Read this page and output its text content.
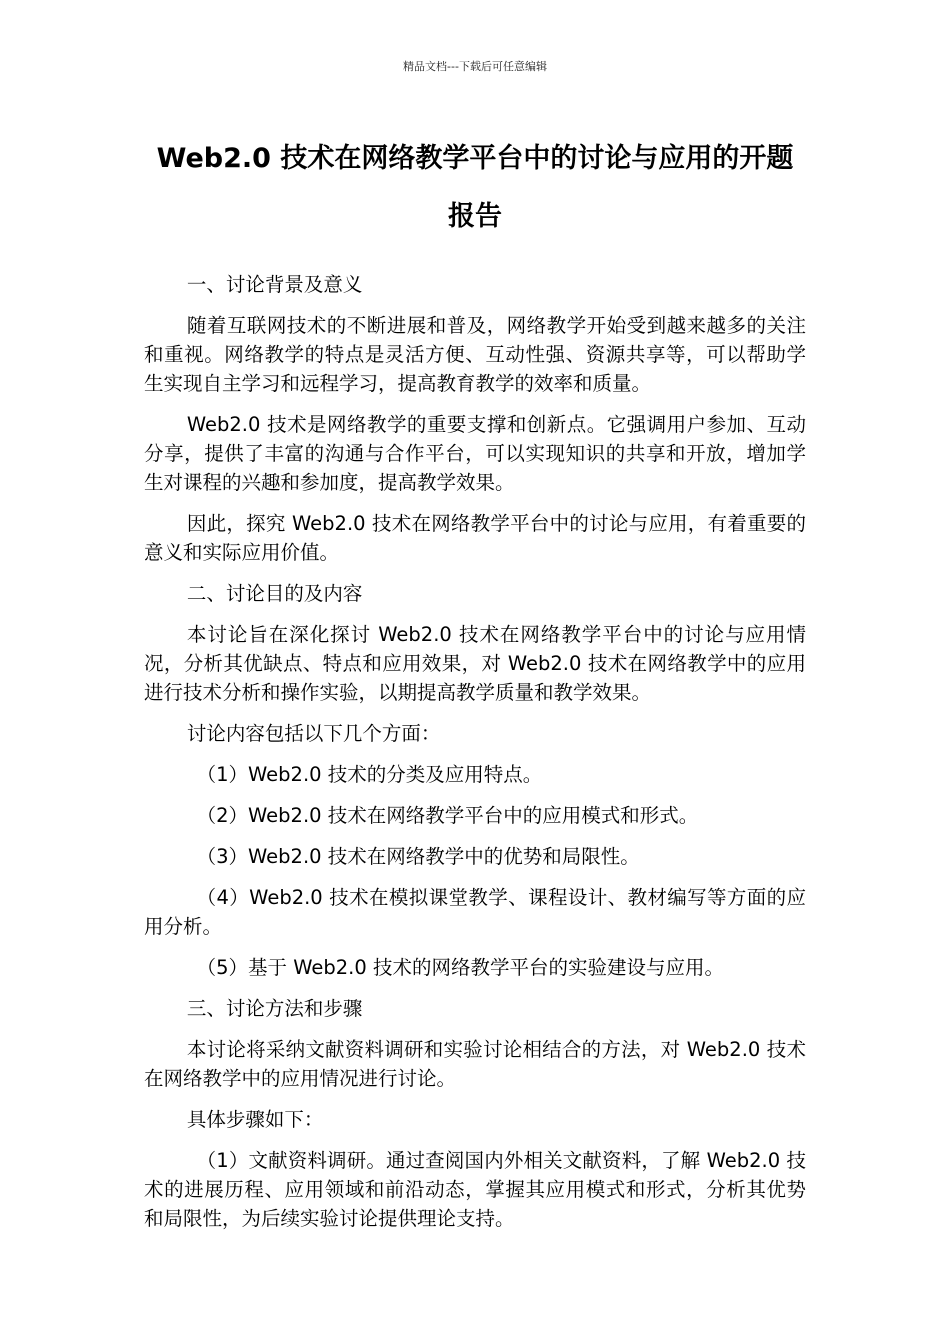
精品文档---下载后可任意编辑
Web2.0 技术在网络教学平台中的讨论与应用的开题
报告

一、讨论背景及意义

随着互联网技术的不断进展和普及，网络教学开始受到越来越多的关注和重视。网络教学的特点是灵活方便、互动性强、资源共享等，可以帮助学生实现自主学习和远程学习，提高教育教学的效率和质量。

Web2.0 技术是网络教学的重要支撑和创新点。它强调用户参加、互动分享，提供了丰富的沟通与合作平台，可以实现知识的共享和开放，增加学生对课程的兴趣和参加度，提高教学效果。

因此，探究 Web2.0 技术在网络教学平台中的讨论与应用，有着重要的意义和实际应用价值。

二、讨论目的及内容

本讨论旨在深化探讨 Web2.0 技术在网络教学平台中的讨论与应用情况，分析其优缺点、特点和应用效果，对 Web2.0 技术在网络教学中的应用进行技术分析和操作实验，以期提高教学质量和教学效果。

讨论内容包括以下几个方面：

（1）Web2.0 技术的分类及应用特点。

（2）Web2.0 技术在网络教学平台中的应用模式和形式。

（3）Web2.0 技术在网络教学中的优势和局限性。

（4）Web2.0 技术在模拟课堂教学、课程设计、教材编写等方面的应用分析。

（5）基于 Web2.0 技术的网络教学平台的实验建设与应用。

三、讨论方法和步骤

本讨论将采纳文献资料调研和实验讨论相结合的方法，对 Web2.0 技术在网络教学中的应用情况进行讨论。

具体步骤如下：

（1）文献资料调研。通过查阅国内外相关文献资料，了解 Web2.0 技术的进展历程、应用领域和前沿动态，掌握其应用模式和形式，分析其优势和局限性，为后续实验讨论提供理论支持。
